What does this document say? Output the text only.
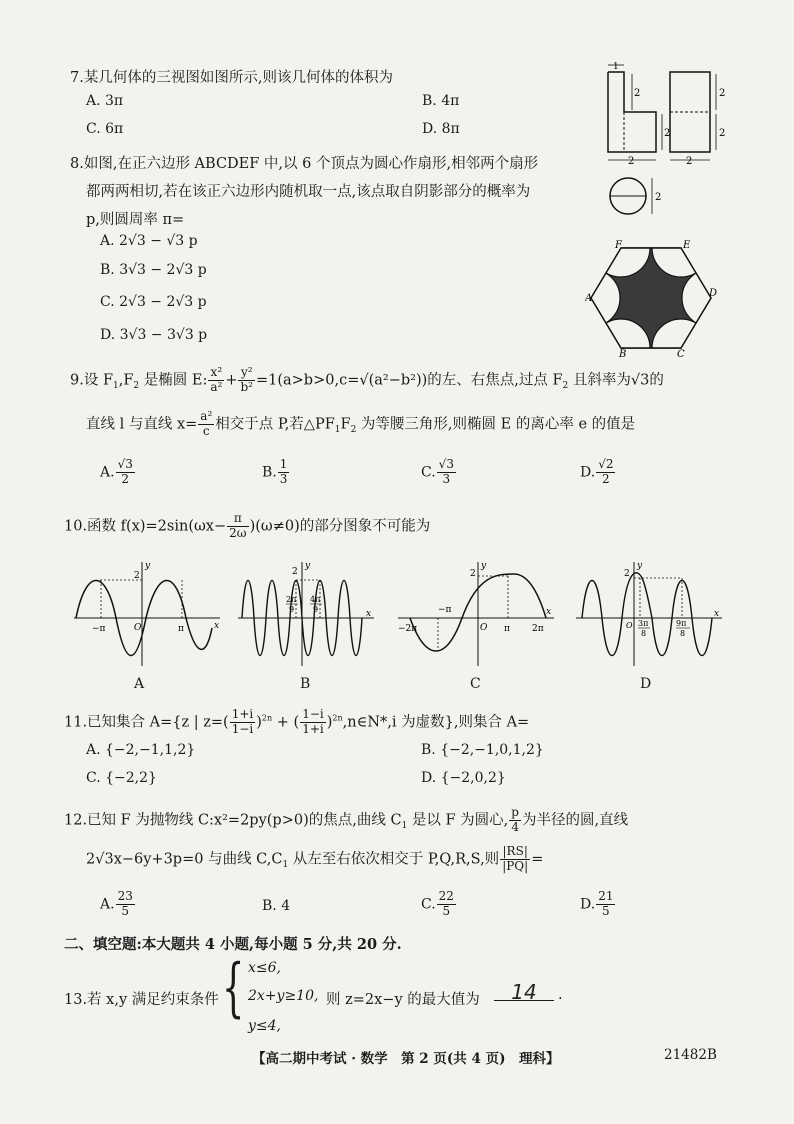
7.某几何体的三视图如图所示,则该几何体的体积为
A. 3π	B. 4π
C. 6π	D. 8π
1
2
2
2
2
2
2
2
8.如图,在正六边形 ABCDEF 中,以 6 个顶点为圆心作扇形,相邻两个扇形
都两两相切,若在该正六边形内随机取一点,该点取自阴影部分的概率为
p,则圆周率 π=
A. 2√3 − √3 p
B. 3√3 − 2√3 p
C. 2√3 − 2√3 p
D. 3√3 − 3√3 p
F	E
A	D
B	C
9.设 $F_1,F_2$ 是椭圆 E: $\frac{\text{x²}}{\text{a²}} + \frac{\text{y²}}{\text{b²}} =1(a>b>0,c=√(a^2-b^2))$的左、右焦点,过点 $F_2$ 且斜率为√3的
直线 l 与直线 $x= \frac{\text{a²}}{c}$ 相交于点 P,若$\triangle PF_1F_2$ 为等腰三角形,则椭圆 E 的离心率 e 的值是
A. $\frac{√3}{2}$	B. $\frac{1}{3}$	C. $\frac{√3}{3}$	D. $\frac{√2}{2}$
10.函数 $f(x)=2\sin(\omega x- \frac{\pi}{2\omega} )(\omega\ne 0)$的部分图象不可能为
−π	O	π
2
y
x
A
2π
9
4π
9
2
y
x
B
−2π
−π
O π 2π
2
y
x
C
3π
8
9π
8
2
y
x
O
D
11.已知集合 A={z | $z=( \frac{1+i}{1-i} )^{2n}$ + ( $\frac{1-i}{1+i}$ )$^{2n}$,n∈N*,i 为虚数},则集合 A=
A. {−2,−1,1,2}	B. {−2,−1,0,1,2}
C. {−2,2}	D. {−2,0,2}
12.已知 F 为抛物线 C:x²=2py(p>0)的焦点,曲线 $C_1$ 是以 F 为圆心, $\frac{p}{4}$ 为半径的圆,直线
2√3x−6y+3p=0 与曲线 $C,C_1$ 从左至右依次相交于 P,Q,R,S,则 $\frac{|RS|}{|PQ|}$ =
A. $\frac{23}{5}$	B. 4	C. $\frac{22}{5}$	D. $\frac{21}{5}$
二、填空题:本大题共 4 小题,每小题 5 分,共 20 分.
13.若 x,y 满足约束条件 { x≤6,
2x+y≥10,
y≤4,
则 z=2x−y 的最大值为	14 .
【高二期中考试 · 数学　第 2 页(共 4 页)　理科】	21482B
